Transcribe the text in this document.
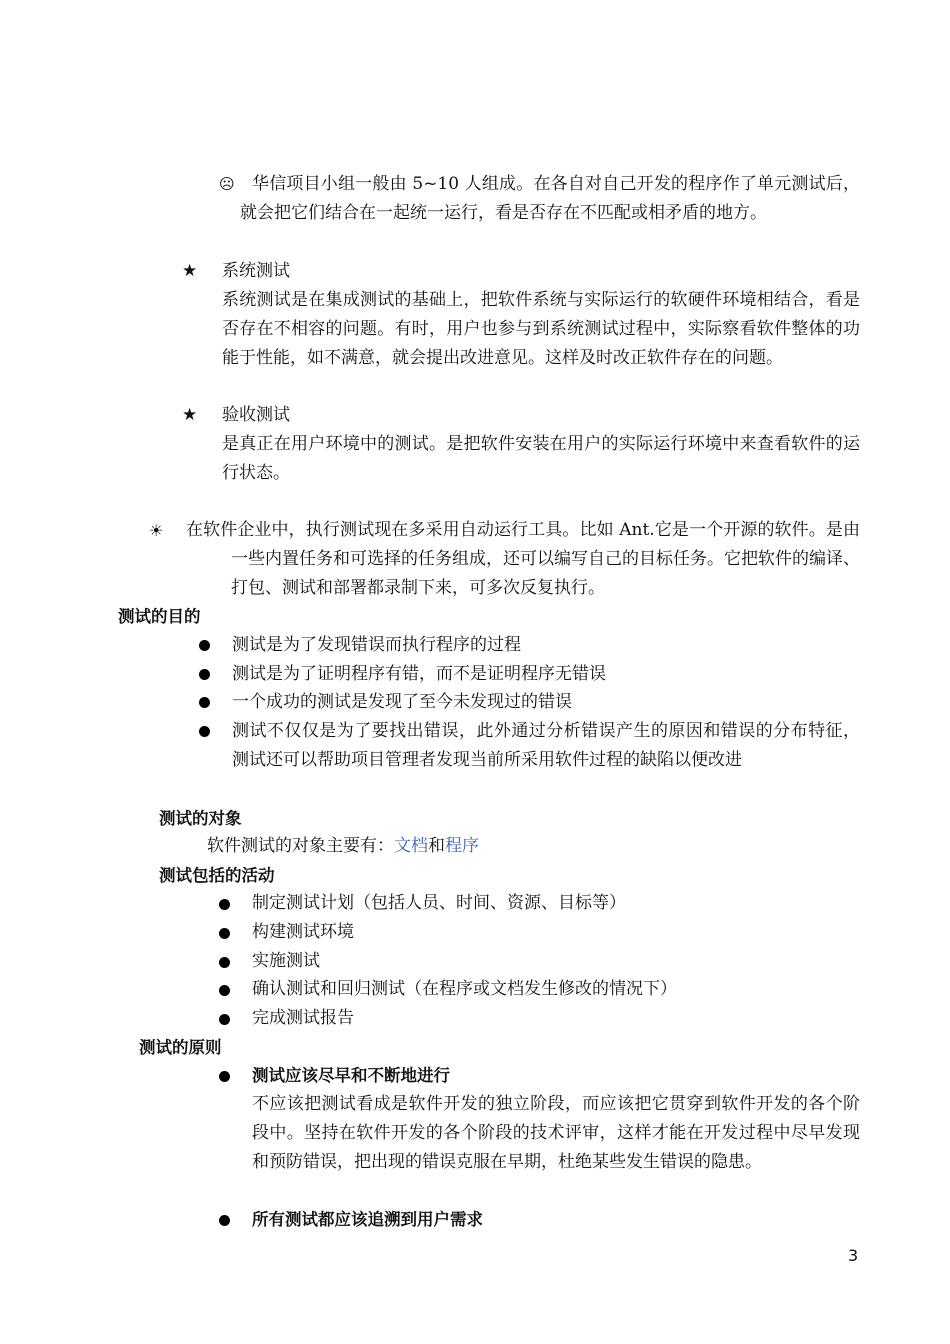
☹	华信项目小组一般由 5~10 人组成。在各自对自己开发的程序作了单元测试后，就会把它们结合在一起统一运行，看是否存在不匹配或相矛盾的地方。
★ 系统测试
系统测试是在集成测试的基础上，把软件系统与实际运行的软硬件环境相结合，看是否存在不相容的问题。有时，用户也参与到系统测试过程中，实际察看软件整体的功能于性能，如不满意，就会提出改进意见。这样及时改正软件存在的问题。
★ 验收测试
是真正在用户环境中的测试。是把软件安装在用户的实际运行环境中来查看软件的运行状态。
☀ 在软件企业中，执行测试现在多采用自动运行工具。比如 Ant.它是一个开源的软件。是由一些内置任务和可选择的任务组成，还可以编写自己的目标任务。它把软件的编译、打包、测试和部署都录制下来，可多次反复执行。
测试的目的
测试是为了发现错误而执行程序的过程
测试是为了证明程序有错，而不是证明程序无错误
一个成功的测试是发现了至今未发现过的错误
测试不仅仅是为了要找出错误，此外通过分析错误产生的原因和错误的分布特征，测试还可以帮助项目管理者发现当前所采用软件过程的缺陷以便改进
测试的对象
软件测试的对象主要有：文档和程序
测试包括的活动
制定测试计划（包括人员、时间、资源、目标等）
构建测试环境
实施测试
确认测试和回归测试（在程序或文档发生修改的情况下）
完成测试报告
测试的原则
测试应该尽早和不断地进行
不应该把测试看成是软件开发的独立阶段，而应该把它贯穿到软件开发的各个阶段中。坚持在软件开发的各个阶段的技术评审，这样才能在开发过程中尽早发现和预防错误，把出现的错误克服在早期，杜绝某些发生错误的隐患。
所有测试都应该追溯到用户需求
3
